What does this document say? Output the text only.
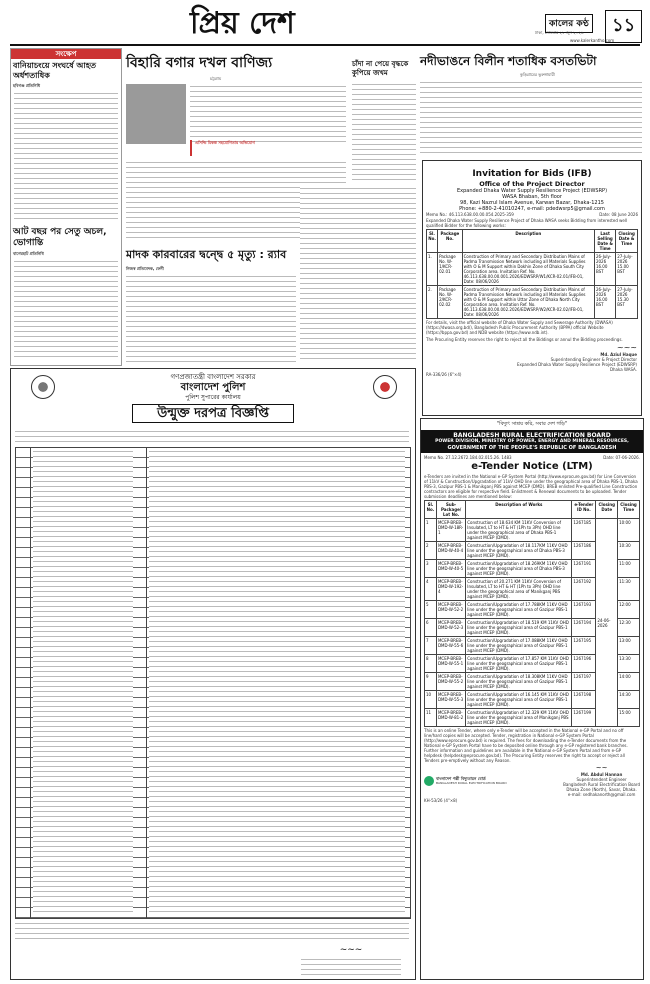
প্রিয় দেশ	কালের কণ্ঠ	১১
ঢাকা, সোমবার ২১ জুন ২০২৬
www.kalerkantho.com
সংক্ষেপ
বানিয়াচংয়ে সংঘর্ষে আহত অর্ধশতাধিক
হবিগঞ্জ প্রতিনিধি
আট বছর পর সেতু অচল, ভোগান্তি
বাগেরহাট প্রতিনিধি
বিহারি বগার দখল বাণিজ্য
চট্টগ্রাম
এসিল্ডি মিকল্প সহযোগিতার অভিযোগ
চাঁদা না পেয়ে বৃদ্ধকে কুপিয়ে জখম
নদীভাঙনে বিলীন শতাধিক বসতভিটা
কুড়িগ্রামের ভুরুঙ্গামারী
মাদক কারবারের দ্বন্দ্বে ৫ মৃত্যু : র‍্যাব
নিজস্ব প্রতিবেদক, ফেনী
Invitation for Bids (IFB)
Office of the Project Director
Expanded Dhaka Water Supply Resilience Project (EDWSRP)
WASA Bhaban, 5th floor
98, Kazi Nazrul Islam Avenue, Karwan Bazar, Dhaka-1215
Phone: +880-2-41010247, e-mail: pdedwsrp5@gmail.com
Memo No.: 46.113.638.00.00.054.2025-359	Date: 08 June 2026
Expanded Dhaka Water Supply Resilience Project of Dhaka WASA seeks Bidding from interested well qualified Bidder for the following works:
Sl. No.	Package No.	Description	Last Selling Date & Time	Closing Date & Time
1.	Package No. W-1/KCR-02.01	Construction of Primary and Secondary Distribution Mains of Padma Transmission Network including all Materials Supplies with O & M Support within Dokhin Zone of Dhaka South City Corporation area. Invitation Ref. No. 46.113.638.00.00.001.2026/EDWSRP/W1/KCR-02.01/IFB-01, Date: 08/06/2026	26-July-2026 16.00 BST	27-July-2026 15.00 BST
2.	Package No. W-2/KCR-02.02	Construction of Primary and Secondary Distribution Mains of Padma Transmission Network including all Materials Supplies with O & M Support within Uttar Zone of Dhaka North City Corporation area. Invitation Ref. No. 46.113.638.00.00.002.2026/EDWSRP/W2/KCR-02.02/IFB-01, Date: 08/06/2026	26-July-2026 16.00 BST	27-July-2026 15.30 BST
For details, visit the official website of Dhaka Water Supply and Sewerage Authority (DWASA) (https://dwasa.org.bd/), Bangladesh Public Procurement Authority (BPPA) official Website (https://bppa.gov.bd) and NDB website (https://www.ndb.int).
The Procuring Entity reserves the right to reject all the Biddings or annul the Bidding proceedings.
~~~
Md. Aziul Haque
Superintending Engineer & Project Director
Expanded Dhaka Water Supply Resilience Project (EDWSRP)
Dhaka WASA.
RA-336/26 (6"×4)
গণপ্রজাতন্ত্রী বাংলাদেশ সরকার
বাংলাদেশ পুলিশ
পুলিশ সুপারের কার্যালয়
উন্মুক্ত দরপত্র বিজ্ঞপ্তি
~~~
"বিদ্যুৎ সাশ্রয় করি, সবার দেশ গড়ি"
BANGLADESH RURAL ELECTRIFICATION BOARD
POWER DIVISION, MINISTRY OF POWER, ENERGY AND MINERAL RESOURCES,
GOVERNMENT OF THE PEOPLE'S REPUBLIC OF BANGLADESH
Memo No. 27.12.2672.184.02.015.26. 1483	Date: 07-06-2026.
e-Tender Notice (LTM)
e-Tenders are invited in the National e-GP System Portal (http://www.eprocure.gov.bd) for Line Conversion of 11kV & Construction/Upgradation of 11kV OHD line under the geographical area of Dhaka PBS-1, Dhaka PBS-3, Gazipur PBS-1 & Manikganj PBS against MCEP (DMD). BREB enlisted Pre-qualified Line Construction contractors are eligible for respective field. Enlistment & Renewal documents to be uploaded. Tender submission deadlines are mentioned below:
Sl. No.	Sub-Package/ Lot No.	Description of Works	e-Tender ID No.	Closing Date	Closing Time
1	MCEP-BREB-DMD-W-18R-1	Construction of 18.634 KM 11KV Conversion of Insulated, LT to HT & HT (1Ph to 3Ph) OHD line under the geographical area of Dhaka PBS-1 against MCEP (DMD).	1267185	24-06-2026	10:00
2	MCEP-BREB-DMD-W-40-4	Construction/Upgradation of 18.117KM 11KV OHD line under the geographical area of Dhaka PBS-3 against MCEP (DMD).	1267186		10:30
3	MCEP-BREB-DMD-W-40-5	Construction/Upgradation of 18.269KM 11KV OHD line under the geographical area of Dhaka PBS-3 against MCEP (DMD).	1267191		11:00
4	MCEP-BREB-DMD-W-192-4	Construction of 20.271 KM 11KV Conversion of Insulated, LT to HT & HT (1Ph to 3Ph) OHD line under the geographical area of Manikganj PBS against MCEP (DMD).	1267192		11:30
5	MCEP-BREB-DMD-W-52-2	Construction/Upgradation of 17.788KM 11KV OHD line under the geographical area of Gazipur PBS-1 against MCEP (DMD).	1267193		12:00
6	MCEP-BREB-DMD-W-52-3	Construction/Upgradation of 18.519 KM 11KV OHD line under the geographical area of Gazipur PBS-1 against MCEP (DMD).	1267194		12:30
7	MCEP-BREB-DMD-W-55-6	Construction/Upgradation of 17.088KM 11KV OHD line under the geographical area of Gazipur PBS-1 against MCEP (DMD).	1267195		13:00
8	MCEP-BREB-DMD-W-55-1	Construction/Upgradation of 17.857 KM 11KV OHD line under the geographical area of Gazipur PBS-1 against MCEP (DMD).	1267196		13:30
9	MCEP-BREB-DMD-W-55-2	Construction/Upgradation of 18.308KM 11KV OHD line under the geographical area of Gazipur PBS-1 against MCEP (DMD).	1267197		14:00
10	MCEP-BREB-DMD-W-55-3	Construction/Upgradation of 16.145 KM 11KV OHD line under the geographical area of Gazipur PBS-1 against MCEP (DMD).	1267198		14:30
11	MCEP-BREB-DMD-W-81-2	Construction/Upgradation of 12.329 KM 11KV OHD line under the geographical area of Manikganj PBS against MCEP (DMD).	1267199		15:00
This is an online Tender, where only e-Tender will be accepted in the National e-GP Portal and no off line/hard copies will be accepted. Tender, registration in National e-GP System Portal (http://www.eprocure.gov.bd) is required. The fees for downloading the e-Tender documents from the National e-GP System Portal have to be deposited online through any e-GP registered bank branches. Further information and guidelines are available in the National e-GP System Portal and from e-GP helpdesk (helpdesk@eprocure.gov.bd). The Procuring Entity reserves the right to accept or reject all Tenders pre-emptively without any Reason.
বাংলাদেশ পল্লী বিদ্যুতায়ন বোর্ড
BANGLADESH RURAL ELECTRIFICATION BOARD
~~
Md. Abdul Hannan
Superintendent Engineer
Bangladesh Rural Electrification Board
Dhaka Zone (North), Savar, Dhaka.
e-mail: sedhakanorth@gmail.com
KH-53/26 (4"×8)
